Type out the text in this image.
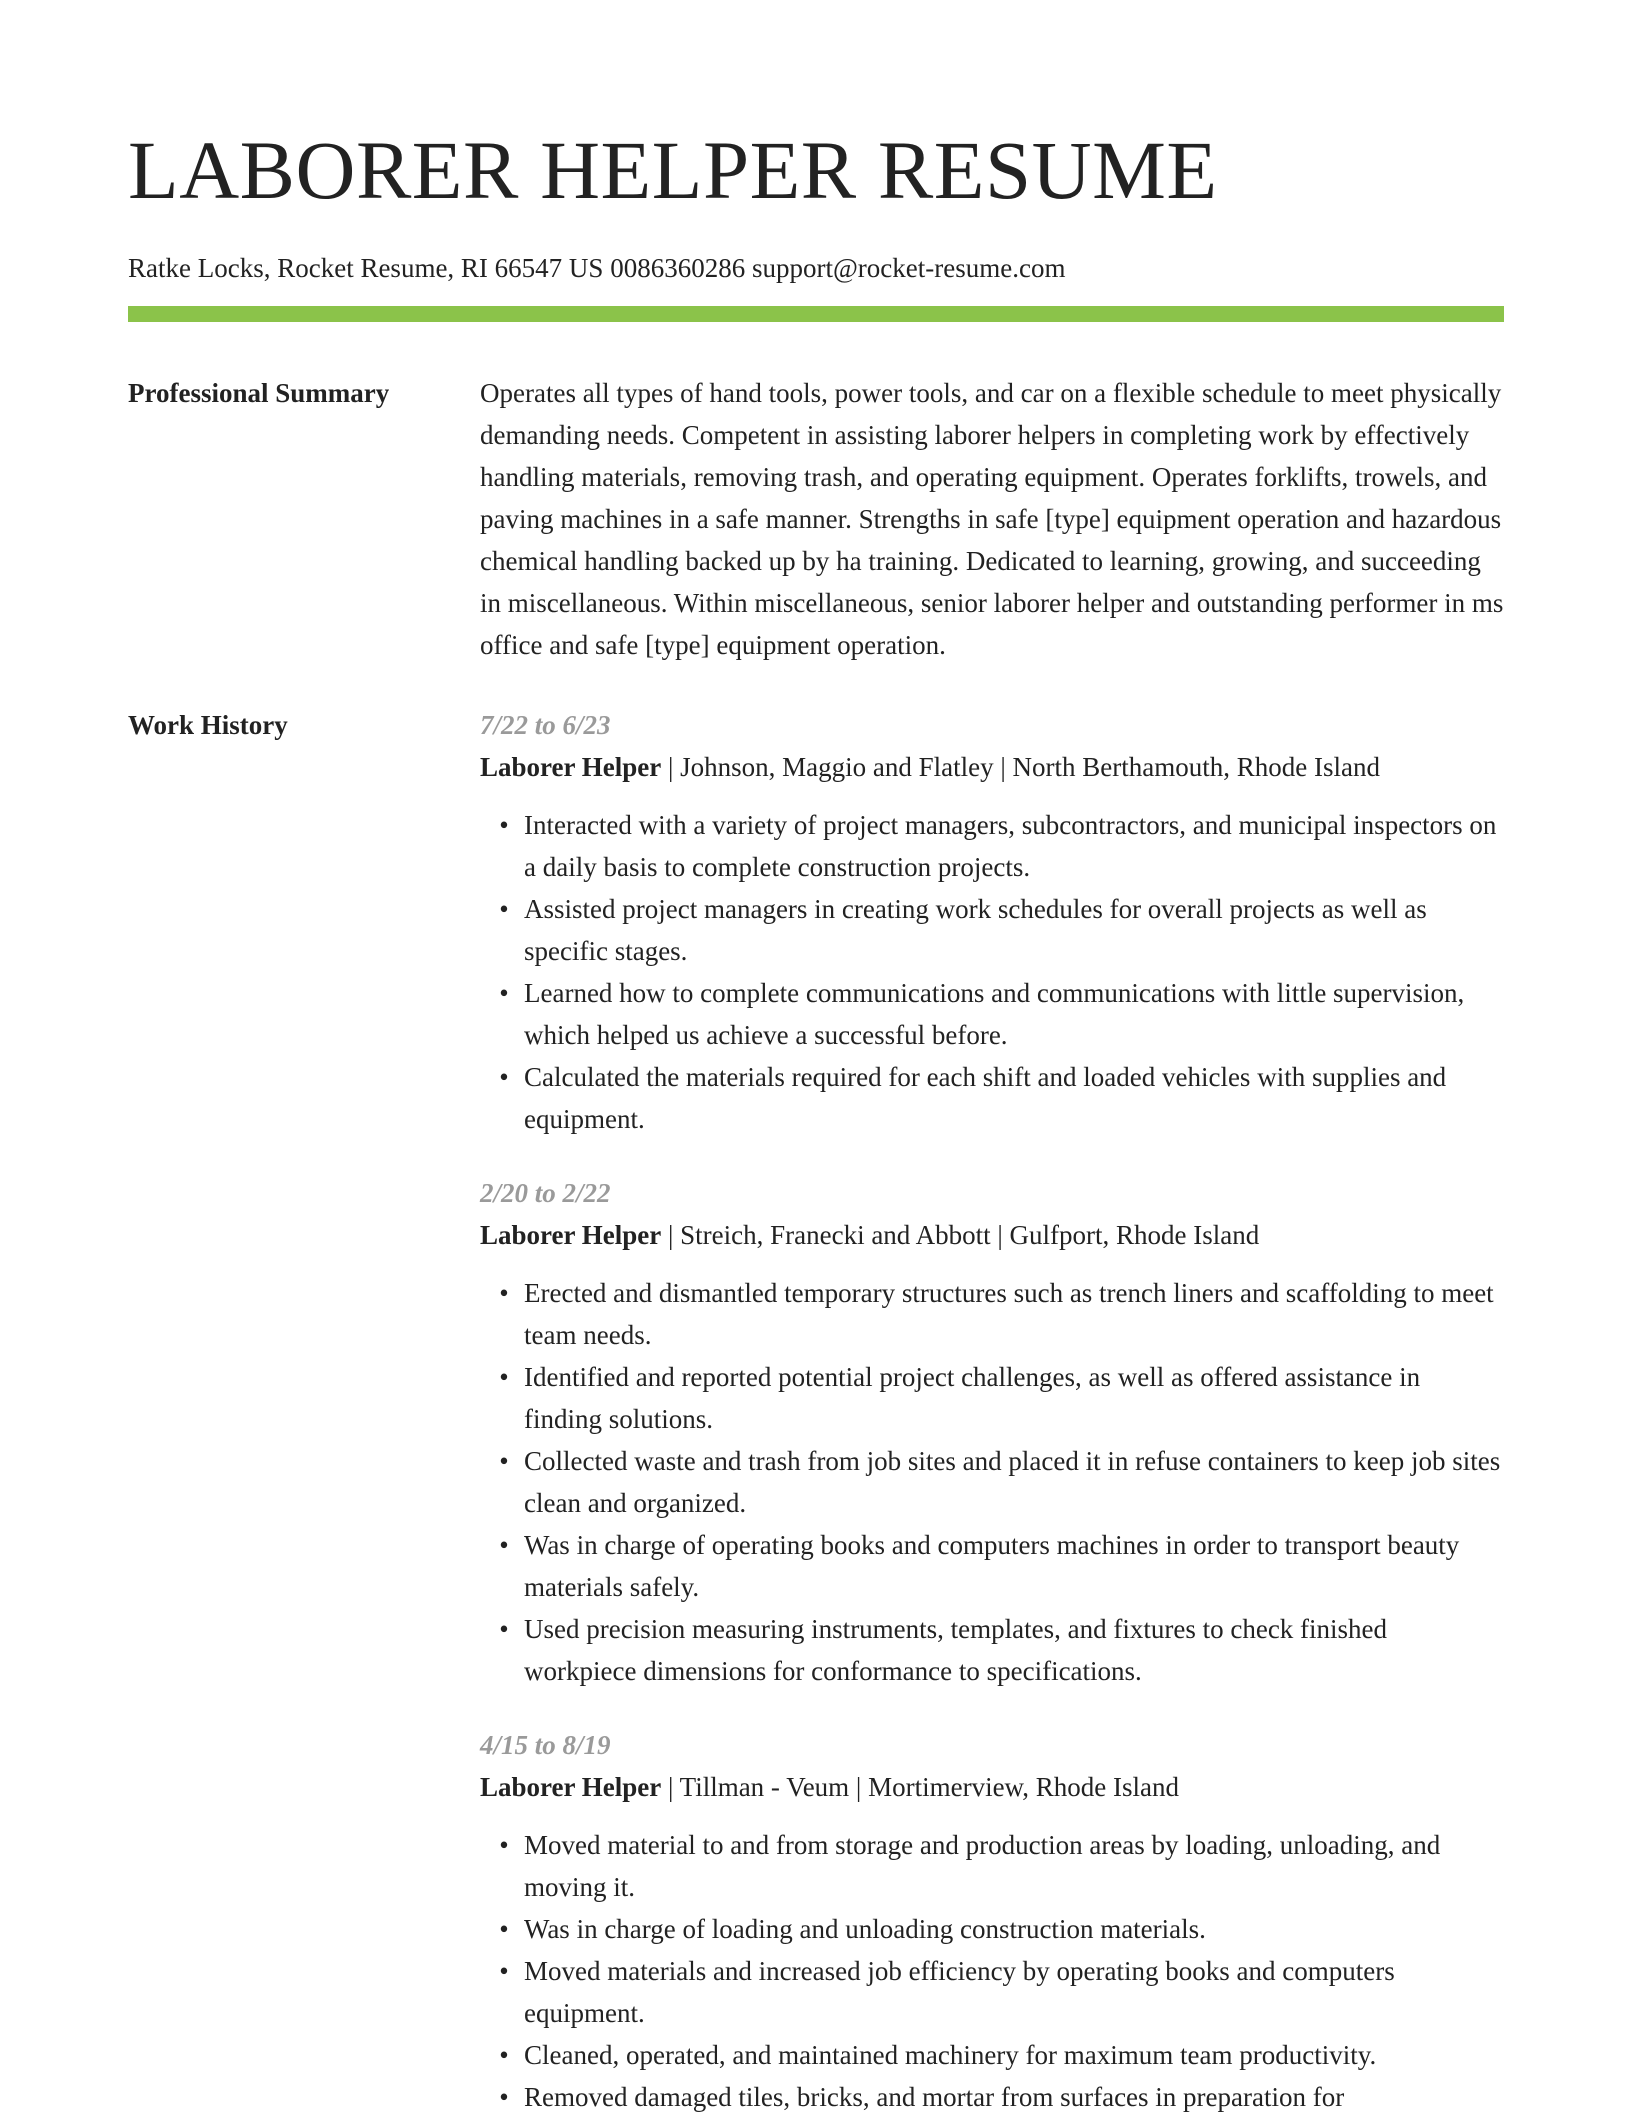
LABORER HELPER RESUME
Ratke Locks, Rocket Resume, RI 66547 US 0086360286 support@rocket-resume.com
Professional Summary	Operates all types of hand tools, power tools, and car on a flexible schedule to meet physically demanding needs. Competent in assisting laborer helpers in completing work by effectively handling materials, removing trash, and operating equipment. Operates forklifts, trowels, and paving machines in a safe manner. Strengths in safe [type] equipment operation and hazardous chemical handling backed up by ha training. Dedicated to learning, growing, and succeeding in miscellaneous. Within miscellaneous, senior laborer helper and outstanding performer in ms office and safe [type] equipment operation.

Work History	7/22 to 6/23
Laborer Helper | Johnson, Maggio and Flatley | North Berthamouth, Rhode Island
• Interacted with a variety of project managers, subcontractors, and municipal inspectors on a daily basis to complete construction projects.
• Assisted project managers in creating work schedules for overall projects as well as specific stages.
• Learned how to complete communications and communications with little supervision, which helped us achieve a successful before.
• Calculated the materials required for each shift and loaded vehicles with supplies and equipment.
2/20 to 2/22
Laborer Helper | Streich, Franecki and Abbott | Gulfport, Rhode Island
• Erected and dismantled temporary structures such as trench liners and scaffolding to meet team needs.
• Identified and reported potential project challenges, as well as offered assistance in finding solutions.
• Collected waste and trash from job sites and placed it in refuse containers to keep job sites clean and organized.
• Was in charge of operating books and computers machines in order to transport beauty materials safely.
• Used precision measuring instruments, templates, and fixtures to check finished workpiece dimensions for conformance to specifications.
4/15 to 8/19
Laborer Helper | Tillman - Veum | Mortimerview, Rhode Island
• Moved material to and from storage and production areas by loading, unloading, and moving it.
• Was in charge of loading and unloading construction materials.
• Moved materials and increased job efficiency by operating books and computers equipment.
• Cleaned, operated, and maintained machinery for maximum team productivity.
• Removed damaged tiles, bricks, and mortar from surfaces in preparation for
